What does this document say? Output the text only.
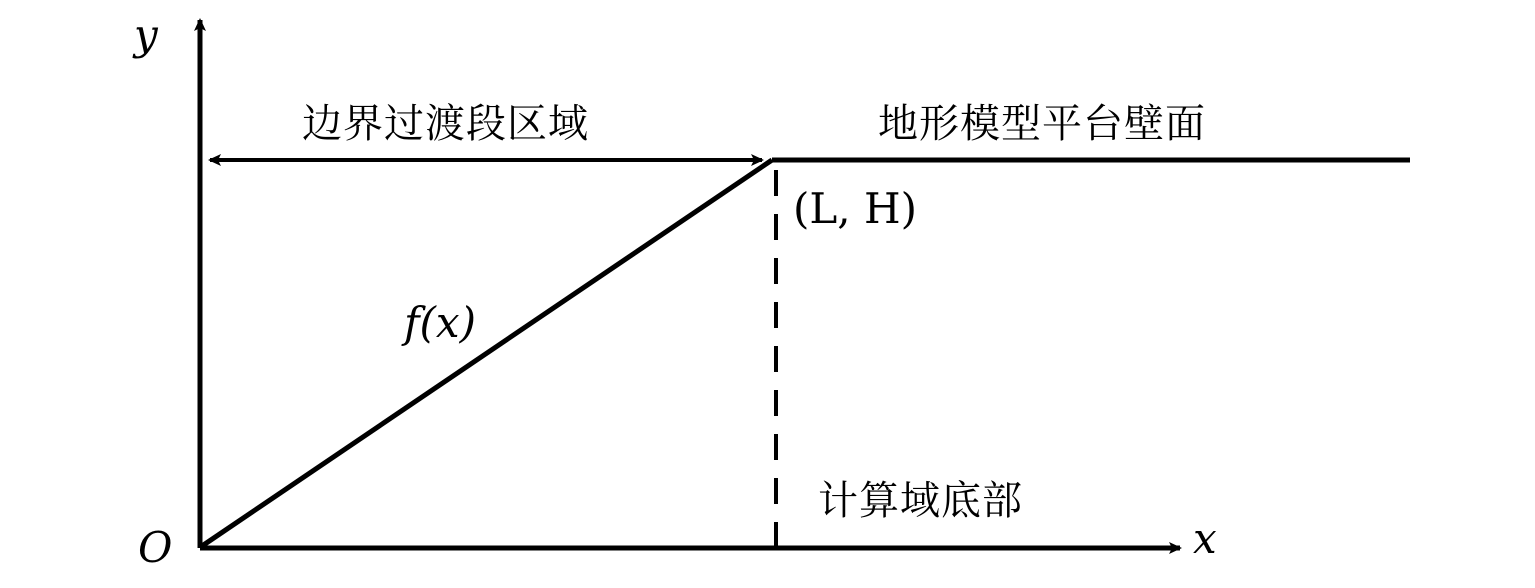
y
x
O
f(x)
(L, H)
边界过渡段区域	地形模型平台壁面
计算域底部
